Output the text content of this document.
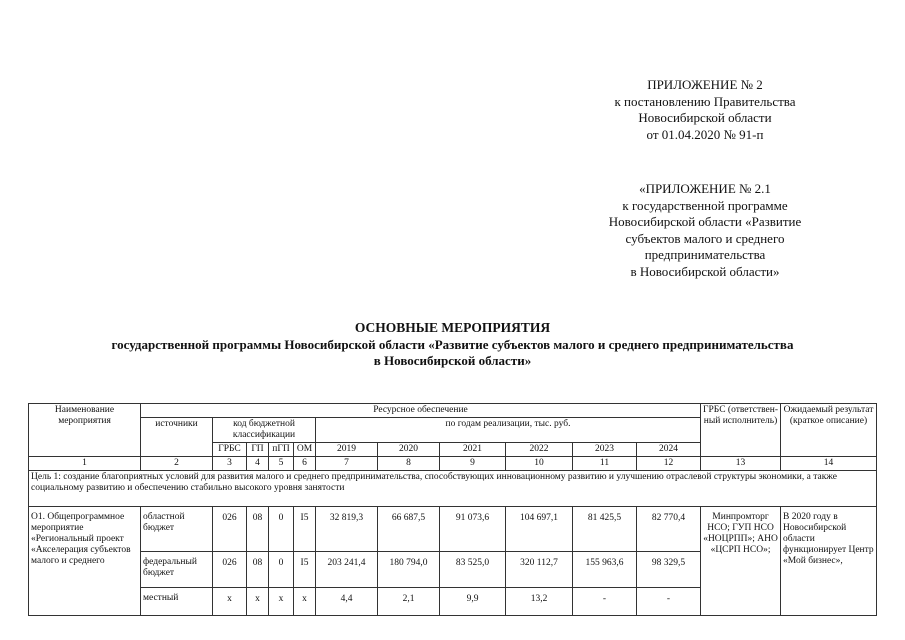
ПРИЛОЖЕНИЕ № 2
к постановлению Правительства
Новосибирской области
от 01.04.2020 № 91-п
«ПРИЛОЖЕНИЕ № 2.1
к государственной программе
Новосибирской области «Развитие
субъектов малого и среднего
предпринимательства
в Новосибирской области»
ОСНОВНЫЕ МЕРОПРИЯТИЯ
государственной программы Новосибирской области «Развитие субъектов малого и среднего предпринимательства
в Новосибирской области»
Наименование мероприятия	Ресурсное обеспечение											ГРБС (ответствен-ный исполнитель)	Ожидаемый результат (краткое описание)
	источники	код бюджетной классификации				по годам реализации, тыс. руб.							
		ГРБС	ГП	пГП	ОМ	2019	2020	2021	2022	2023	2024		
1	2	3	4	5	6	7	8	9	10	11	12	13	14
Цель 1: создание благоприятных условий для развития малого и среднего предпринимательства, способствующих инновационному развитию и улучшению отраслевой структуры экономики, а также социальному развитию и обеспечению стабильно высокого уровня занятости													
О1. Общепрограммное мероприятие «Региональный проект «Акселерация субъектов малого и среднего	областной бюджет	026	08	0	I5	32 819,3	66 687,5	91 073,6	104 697,1	81 425,5	82 770,4	Минпромторг НСО; ГУП НСО «НОЦРПП»; АНО «ЦСРП НСО»;	В 2020 году в Новосибирской области функционирует Центр «Мой бизнес»,
	федеральный бюджет	026	08	0	I5	203 241,4	180 794,0	83 525,0	320 112,7	155 963,6	98 329,5		
	местный	x	x	x	x	4,4	2,1	9,9	13,2	-	-		
